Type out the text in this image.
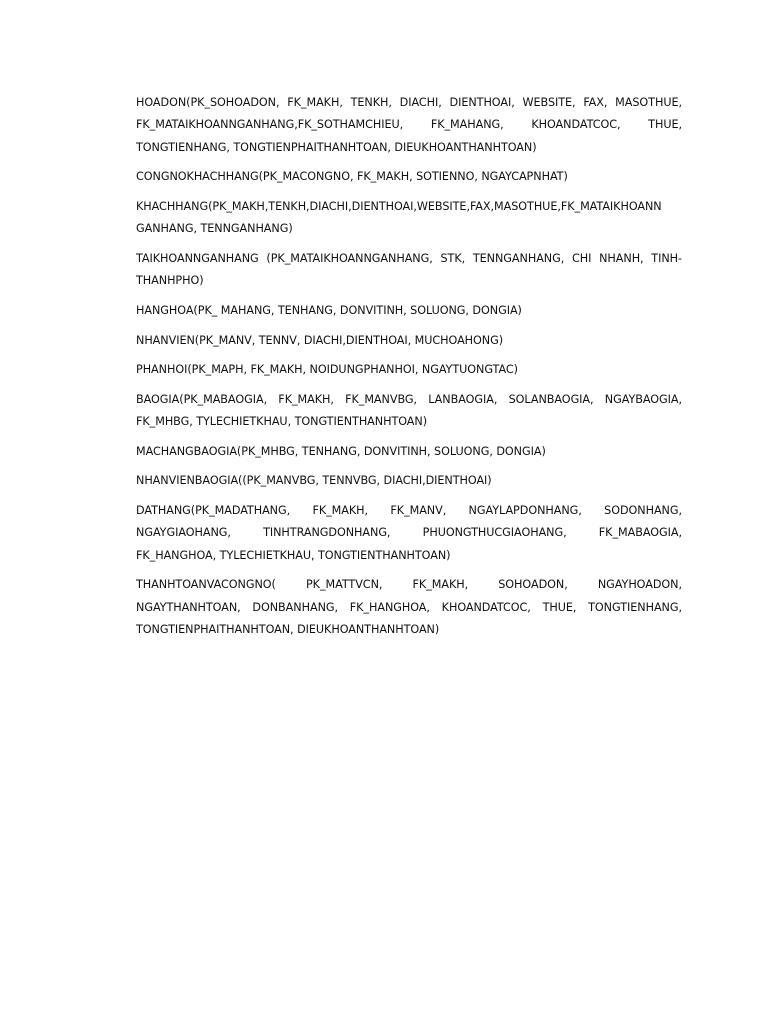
HOADON(PK_SOHOADON, FK_MAKH, TENKH, DIACHI, DIENTHOAI, WEBSITE, FAX, MASOTHUE,
FK_MATAIKHOANNGANHANG,FK_SOTHAMCHIEU, FK_MAHANG, KHOANDATCOC, THUE,
TONGTIENHANG, TONGTIENPHAITHANHTOAN, DIEUKHOANTHANHTOAN)

CONGNOKHACHHANG(PK_MACONGNO, FK_MAKH, SOTIENNO, NGAYCAPNHAT)

KHACHHANG(PK_MAKH,TENKH,DIACHI,DIENTHOAI,WEBSITE,FAX,MASOTHUE,FK_MATAIKHOANN
GANHANG, TENNGANHANG)

TAIKHOANNGANHANG (PK_MATAIKHOANNGANHANG, STK, TENNGANHANG, CHI NHANH, TINH-
THANHPHO)

HANGHOA(PK_ MAHANG, TENHANG, DONVITINH, SOLUONG, DONGIA)

NHANVIEN(PK_MANV, TENNV, DIACHI,DIENTHOAI, MUCHOAHONG)

PHANHOI(PK_MAPH, FK_MAKH, NOIDUNGPHANHOI, NGAYTUONGTAC)

BAOGIA(PK_MABAOGIA, FK_MAKH, FK_MANVBG, LANBAOGIA, SOLANBAOGIA, NGAYBAOGIA,
FK_MHBG, TYLECHIETKHAU, TONGTIENTHANHTOAN)

MACHANGBAOGIA(PK_MHBG, TENHANG, DONVITINH, SOLUONG, DONGIA)

NHANVIENBAOGIA((PK_MANVBG, TENNVBG, DIACHI,DIENTHOAI)

DATHANG(PK_MADATHANG, FK_MAKH, FK_MANV, NGAYLAPDONHANG, SODONHANG,
NGAYGIAOHANG, TINHTRANGDONHANG, PHUONGTHUCGIAOHANG, FK_MABAOGIA,
FK_HANGHOA, TYLECHIETKHAU, TONGTIENTHANHTOAN)

THANHTOANVACONGNO( PK_MATTVCN, FK_MAKH, SOHOADON, NGAYHOADON,
NGAYTHANHTOAN, DONBANHANG, FK_HANGHOA, KHOANDATCOC, THUE, TONGTIENHANG,
TONGTIENPHAITHANHTOAN, DIEUKHOANTHANHTOAN)
